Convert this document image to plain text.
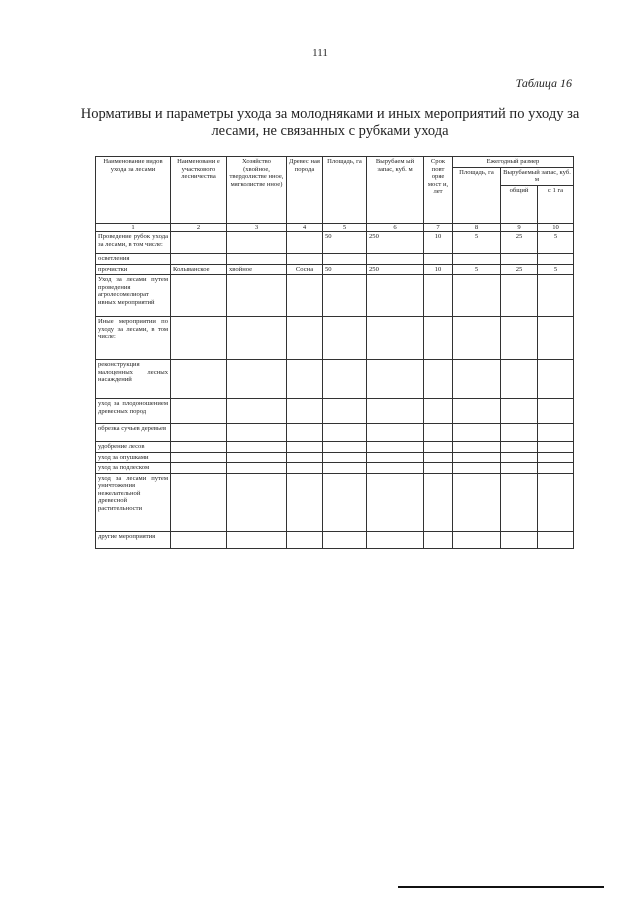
111
Таблица 16
Нормативы и параметры ухода за молодняками и иных мероприятий по уходу за лесами, не связанных с рубками ухода
Наименование видов ухода за лесами	Наименовани е участкового лесничества	Хозяйство (хвойное, твердолистве нное, мягколистве нное)	Древес ная порода	Площадь, га	Вырубаем ый запас, куб. м	Срок повт оряе мост и, лет	Ежегодный размер		
							Площадь, га	Вырубаемый запас, куб. м	
								общий	с 1 га
1	2	3	4	5	6	7	8	9	10
Проведение рубок ухода за лесами, в том числе:				50	250	10	5	25	5
осветления									
прочистки	Колыванское	хвойное	Сосна	50	250	10	5	25	5
Уход за лесами путем проведения агролесомелиорат ивных мероприятий									
Иные мероприятии по уходу за лесами, в том числе:									
реконструкция малоценных лесных насаждений									
уход за плодоношением древесных пород									
обрезка сучьев деревьев									
удобрение лесов									
уход за опушками									
уход за подлеском									
уход за лесами путем уничтожения нежелательной древесной растительности									
другие мероприятия									
